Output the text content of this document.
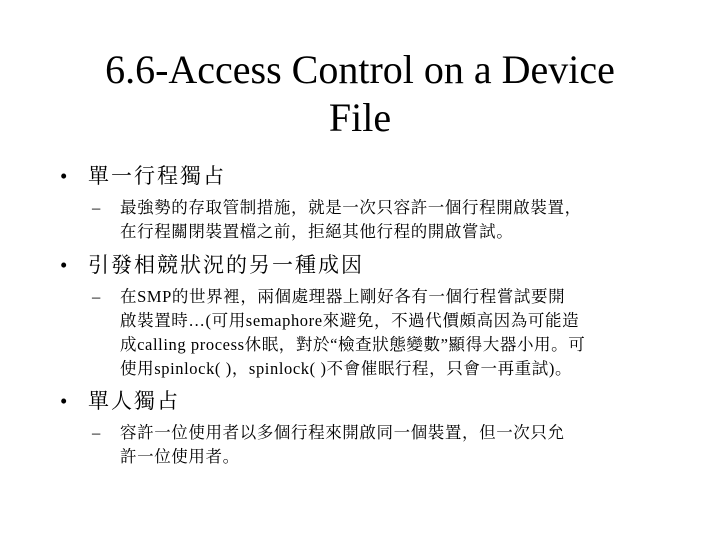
6.6-Access Control on a Device
File
• 單一行程獨占
– 最強勢的存取管制措施，就是一次只容許一個行程開啟裝置，
在行程關閉裝置檔之前，拒絕其他行程的開啟嘗試。
• 引發相競狀況的另一種成因
– 在SMP的世界裡，兩個處理器上剛好各有一個行程嘗試要開
啟裝置時…(可用semaphore來避免，不過代價頗高因為可能造
成calling process休眠，對於“檢查狀態變數”顯得大器小用。可
使用spinlock( )，spinlock( )不會催眠行程，只會一再重試)。
• 單人獨占
– 容許一位使用者以多個行程來開啟同一個裝置，但一次只允
許一位使用者。
